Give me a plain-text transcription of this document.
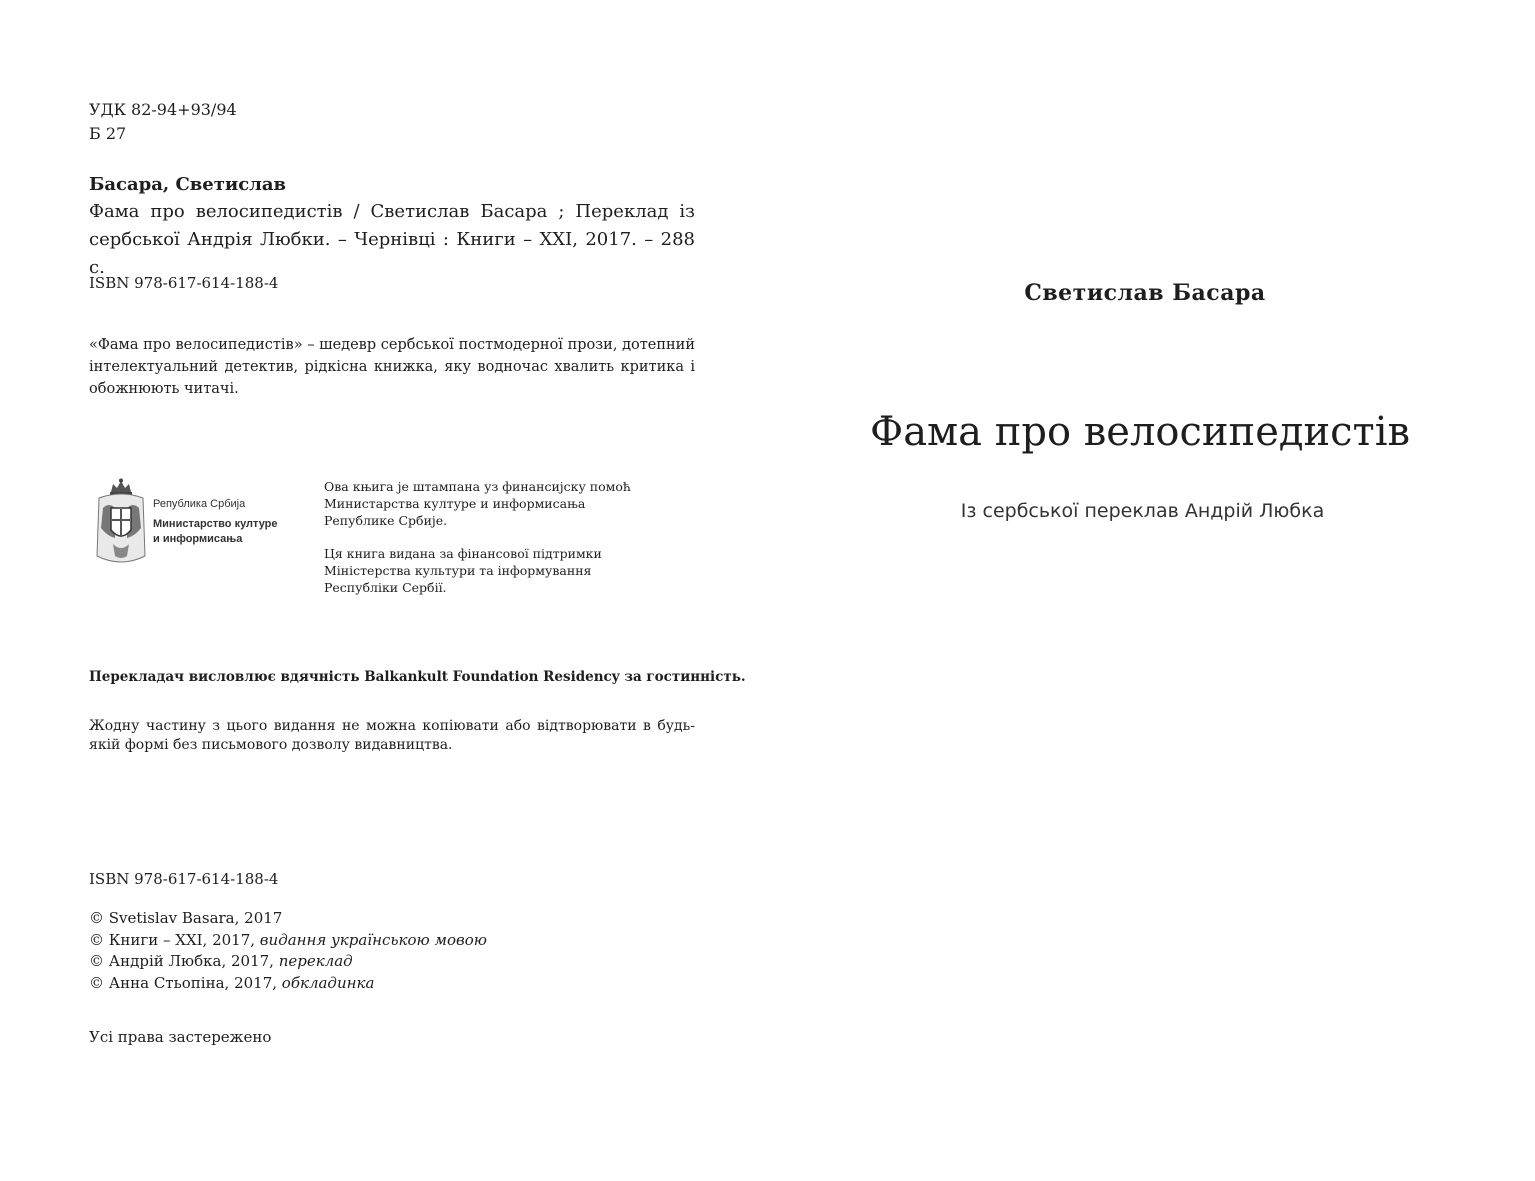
УДК 82-94+93/94
Б 27
Басара, Светислав
Фама про велосипедистів / Светислав Басара ; Переклад із
сербської Андрія Любки. – Чернівці : Книги – ХХІ, 2017. – 288 с.
ISBN 978-617-614-188-4
«Фама про велосипедистів» – шедевр сербської постмодерної прози, дотепний інтелектуальний детектив, рідкісна книжка, яку водночас хвалить критика і обожнюють читачі.
Република Србија
Министарство културе
и информисања
Ова књига је штампана уз финансијску помоћ
Министарства културе и информисања
Републике Србије.
Ця книга видана за фінансової підтримки
Міністерства культури та інформування
Республіки Сербії.
Перекладач висловлює вдячність Balkankult Foundation Residency за гостинність.
Жодну частину з цього видання не можна копіювати або відтворювати в будь-якій формі без письмового дозволу видавництва.
ISBN 978-617-614-188-4
© Svetislav Basara, 2017
© Книги – ХХІ, 2017, видання українською мовою
© Андрій Любка, 2017, переклад
© Анна Стьопіна, 2017, обкладинка
Усі права застережено
Светислав Басара
Фама про велосипедистів
Із сербської переклав Андрій Любка
